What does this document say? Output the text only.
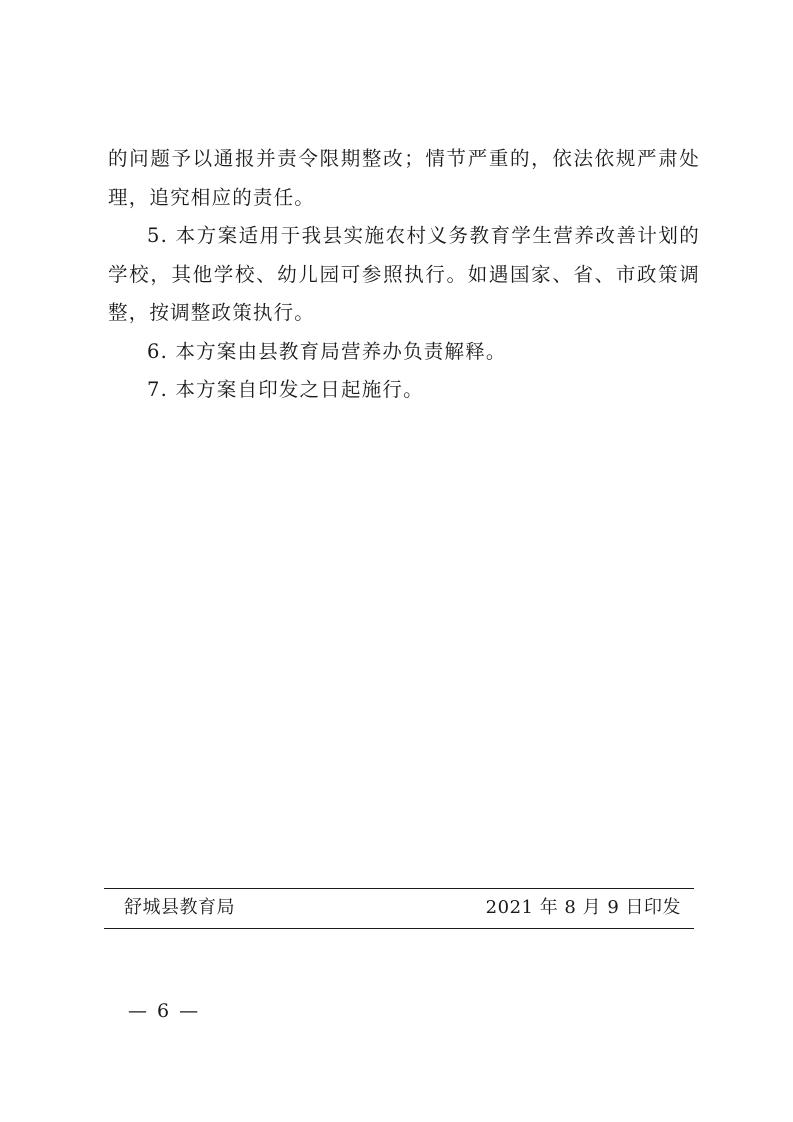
的问题予以通报并责令限期整改；情节严重的，依法依规严肃处理，追究相应的责任。

5. 本方案适用于我县实施农村义务教育学生营养改善计划的学校，其他学校、幼儿园可参照执行。如遇国家、省、市政策调整，按调整政策执行。

6. 本方案由县教育局营养办负责解释。

7. 本方案自印发之日起施行。

舒城县教育局	2021 年 8 月 9 日印发
— 6 —
